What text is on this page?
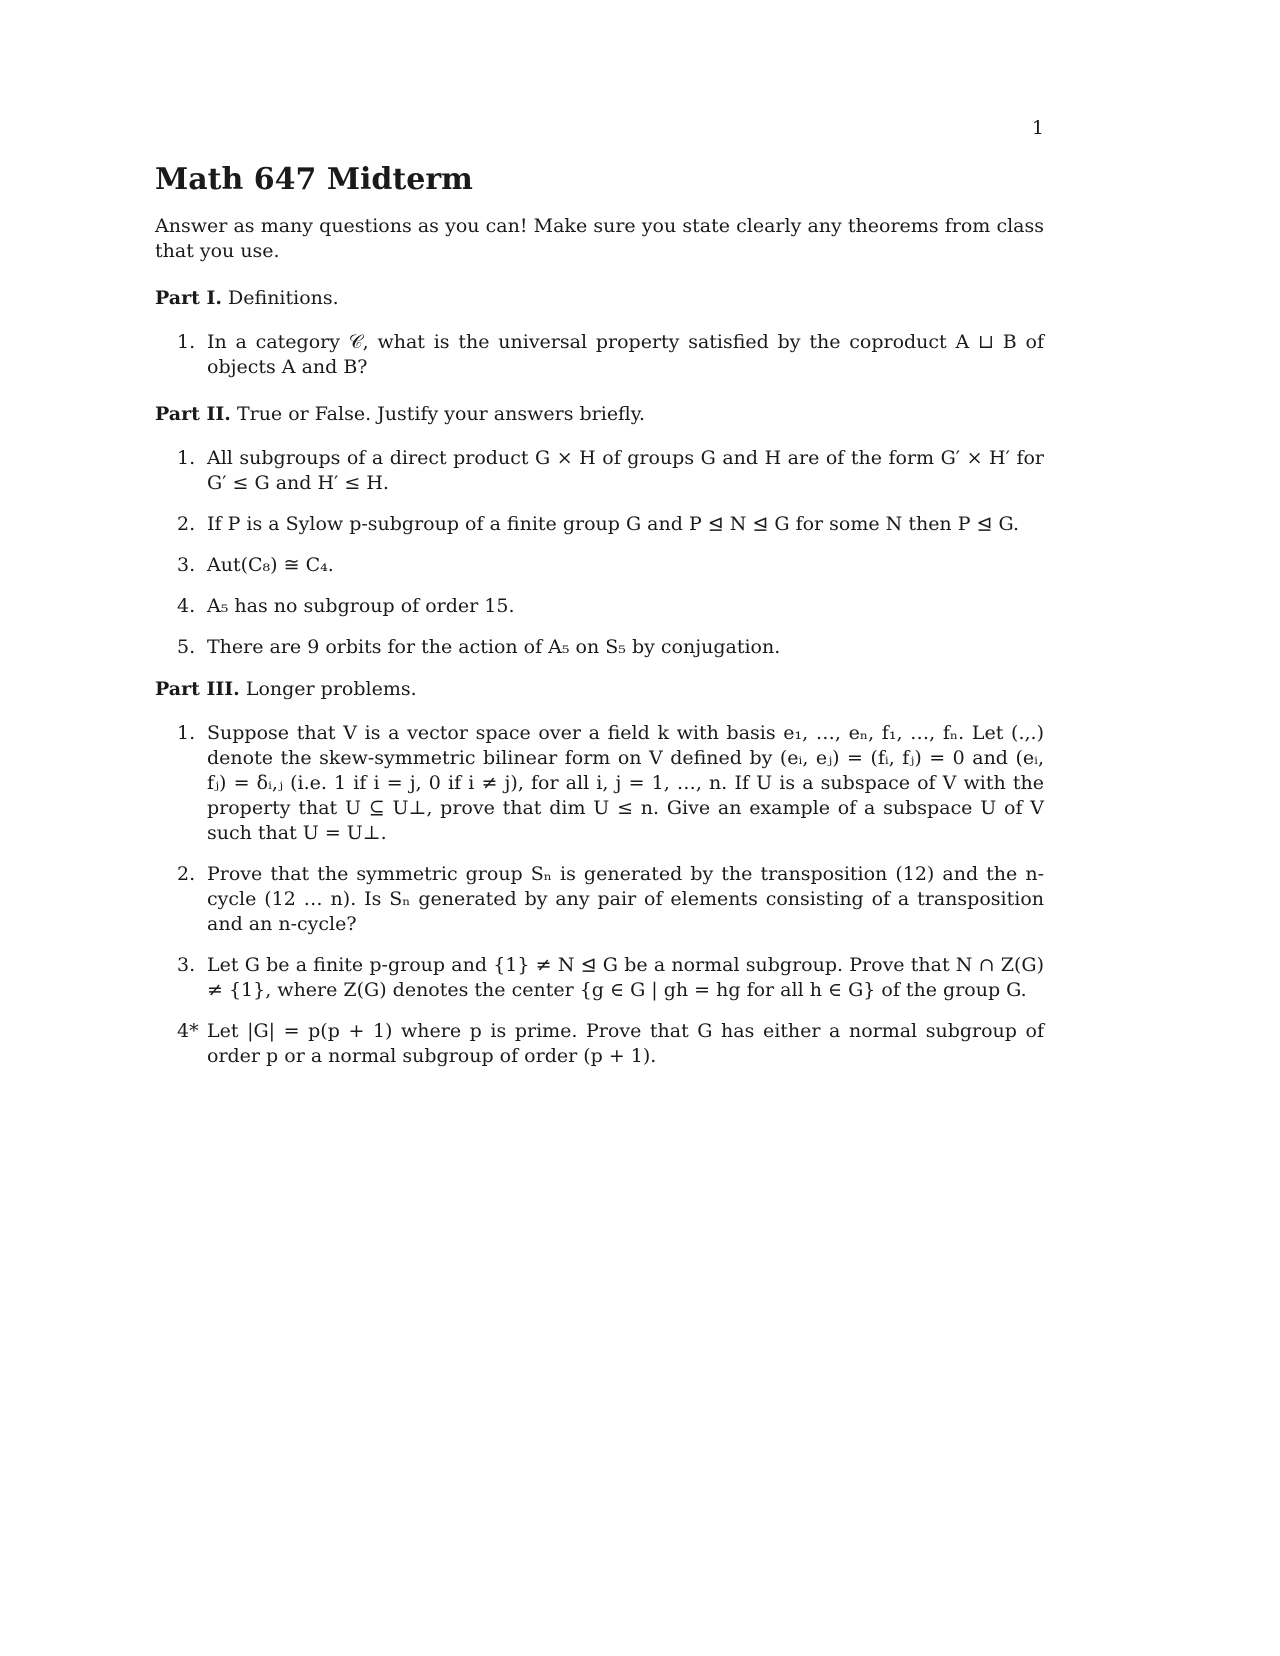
1
Math 647 Midterm

Answer as many questions as you can! Make sure you state clearly any theorems from class that you use.

Part I. Definitions.

1. In a category 𝒞, what is the universal property satisfied by the coproduct A ⊔ B of objects A and B?

Part II. True or False. Justify your answers briefly.

1. All subgroups of a direct product G × H of groups G and H are of the form G′ × H′ for G′ ≤ G and H′ ≤ H.
2. If P is a Sylow p-subgroup of a finite group G and P ⊴ N ⊴ G for some N then P ⊴ G.
3. Aut(C₈) ≅ C₄.
4. A₅ has no subgroup of order 15.
5. There are 9 orbits for the action of A₅ on S₅ by conjugation.

Part III. Longer problems.

1. Suppose that V is a vector space over a field k with basis e₁, …, eₙ, f₁, …, fₙ. Let (.,.) denote the skew-symmetric bilinear form on V defined by (eᵢ, eⱼ) = (fᵢ, fⱼ) = 0 and (eᵢ, fⱼ) = δᵢ,ⱼ (i.e. 1 if i = j, 0 if i ≠ j), for all i, j = 1, …, n. If U is a subspace of V with the property that U ⊆ U⊥, prove that dim U ≤ n. Give an example of a subspace U of V such that U = U⊥.
2. Prove that the symmetric group Sₙ is generated by the transposition (12) and the n-cycle (12 … n). Is Sₙ generated by any pair of elements consisting of a transposition and an n-cycle?
3. Let G be a finite p-group and {1} ≠ N ⊴ G be a normal subgroup. Prove that N ∩ Z(G) ≠ {1}, where Z(G) denotes the center {g ∈ G | gh = hg for all h ∈ G} of the group G.
4* Let |G| = p(p + 1) where p is prime. Prove that G has either a normal subgroup of order p or a normal subgroup of order (p + 1).
